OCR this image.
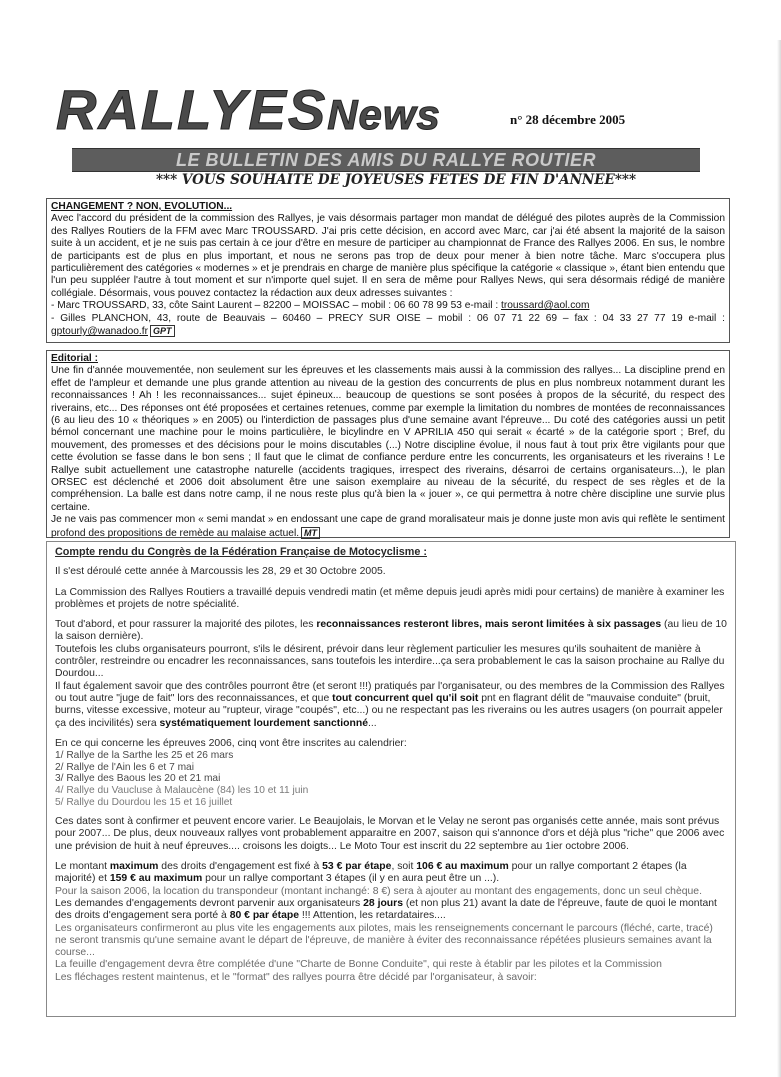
RALLYESNews	n° 28 décembre 2005
LE BULLETIN DES AMIS DU RALLYE ROUTIER
*** VOUS SOUHAITE DE JOYEUSES FETES DE FIN D'ANNEE***

CHANGEMENT ? NON, EVOLUTION...

Avec l'accord du président de la commission des Rallyes, je vais désormais partager mon mandat de délégué des pilotes auprès de la Commission des Rallyes Routiers de la FFM avec Marc TROUSSARD. J'ai pris cette décision, en accord avec Marc, car j'ai été absent la majorité de la saison suite à un accident, et je ne suis pas certain à ce jour d'être en mesure de participer au championnat de France des Rallyes 2006. En sus, le nombre de participants est de plus en plus important, et nous ne serons pas trop de deux pour mener à bien notre tâche. Marc s'occupera plus particulièrement des catégories « modernes » et je prendrais en charge de manière plus spécifique la catégorie « classique », étant bien entendu que l'un peu suppléer l'autre à tout moment et sur n'importe quel sujet. Il en sera de même pour Rallyes News, qui sera désormais rédigé de manière collégiale. Désormais, vous pouvez contactez la rédaction aux deux adresses suivantes :

- Marc TROUSSARD, 33, côte Saint Laurent – 82200 – MOISSAC – mobil : 06 60 78 99 53 e-mail : troussard@aol.com

- Gilles PLANCHON, 43, route de Beauvais – 60460 – PRECY SUR OISE – mobil : 06 07 71 22 69 – fax : 04 33 27 77 19 e-mail : gptourly@wanadoo.fr GPT

Editorial :

Une fin d'année mouvementée, non seulement sur les épreuves et les classements mais aussi à la commission des rallyes... La discipline prend en effet de l'ampleur et demande une plus grande attention au niveau de la gestion des concurrents de plus en plus nombreux notamment durant les reconnaissances ! Ah ! les reconnaissances... sujet épineux... beaucoup de questions se sont posées à propos de la sécurité, du respect des riverains, etc... Des réponses ont été proposées et certaines retenues, comme par exemple la limitation du nombres de montées de reconnaissances (6 au lieu des 10 « théoriques » en 2005) ou l'interdiction de passages plus d'une semaine avant l'épreuve... Du coté des catégories aussi un petit bémol concernant une machine pour le moins particulière, le bicylindre en V APRILIA 450 qui serait « écarté » de la catégorie sport ; Bref, du mouvement, des promesses et des décisions pour le moins discutables (...) Notre discipline évolue, il nous faut à tout prix être vigilants pour que cette évolution se fasse dans le bon sens ; Il faut que le climat de confiance perdure entre les concurrents, les organisateurs et les riverains ! Le Rallye subit actuellement une catastrophe naturelle (accidents tragiques, irrespect des riverains, désarroi de certains organisateurs...), le plan ORSEC est déclenché et 2006 doit absolument être une saison exemplaire au niveau de la sécurité, du respect de ses règles et de la compréhension. La balle est dans notre camp, il ne nous reste plus qu'à bien la « jouer », ce qui permettra à notre chère discipline une survie plus certaine.

Je ne vais pas commencer mon « semi mandat » en endossant une cape de grand moralisateur mais je donne juste mon avis qui reflète le sentiment profond des propositions de remède au malaise actuel. MT

Compte rendu du Congrès de la Fédération Française de Motocyclisme :

Il s'est déroulé cette année à Marcoussis les 28, 29 et 30 Octobre 2005.

La Commission des Rallyes Routiers a travaillé depuis vendredi matin (et même depuis jeudi après midi pour certains) de manière à examiner les problèmes et projets de notre spécialité.

Tout d'abord, et pour rassurer la majorité des pilotes, les reconnaissances resteront libres, mais seront limitées à six passages (au lieu de 10 la saison dernière).

Toutefois les clubs organisateurs pourront, s'ils le désirent, prévoir dans leur règlement particulier les mesures qu'ils souhaitent de manière à contrôler, restreindre ou encadrer les reconnaissances, sans toutefois les interdire...ça sera probablement le cas la saison prochaine au Rallye du Dourdou...

Il faut également savoir que des contrôles pourront être (et seront !!!) pratiqués par l'organisateur, ou des membres de la Commission des Rallyes ou tout autre "juge de fait" lors des reconnaissances, et que tout concurrent quel qu'il soit pnt en flagrant délit de "mauvaise conduite" (bruit, burns, vitesse excessive, moteur au "rupteur, virage "coupés", etc...) ou ne respectant pas les riverains ou les autres usagers (on pourrait appeler ça des incivilités) sera systématiquement lourdement sanctionné...

En ce qui concerne les épreuves 2006, cinq vont être inscrites au calendrier:

1/ Rallye de la Sarthe les 25 et 26 mars
2/ Rallye de l'Ain les 6 et 7 mai
3/ Rallye des Baous les 20 et 21 mai
4/ Rallye du Vaucluse à Malaucène (84) les 10 et 11 juin
5/ Rallye du Dourdou les 15 et 16 juillet

Ces dates sont à confirmer et peuvent encore varier. Le Beaujolais, le Morvan et le Velay ne seront pas organisés cette année, mais sont prévus pour 2007... De plus, deux nouveaux rallyes vont probablement apparaitre en 2007, saison qui s'annonce d'ors et déjà plus "riche" que 2006 avec une prévision de huit à neuf épreuves.... croisons les doigts... Le Moto Tour est inscrit du 22 septembre au 1ier octobre 2006.

Le montant maximum des droits d'engagement est fixé à 53 € par étape, soit 106 € au maximum pour un rallye comportant 2 étapes (la majorité) et 159 € au maximum pour un rallye comportant 3 étapes (il y en aura peut être un ...).

Pour la saison 2006, la location du transpondeur (montant inchangé: 8 €) sera à ajouter au montant des engagements, donc un seul chèque.

Les demandes d'engagements devront parvenir aux organisateurs 28 jours (et non plus 21) avant la date de l'épreuve, faute de quoi le montant des droits d'engagement sera porté à 80 € par étape !!! Attention, les retardataires....

Les organisateurs confirmeront au plus vite les engagements aux pilotes, mais les renseignements concernant le parcours (fléché, carte, tracé) ne seront transmis qu'une semaine avant le départ de l'épreuve, de manière à éviter des reconnaissance répétées plusieurs semaines avant la course...

La feuille d'engagement devra être complétée d'une "Charte de Bonne Conduite", qui reste à établir par les pilotes et la Commission

Les fléchages restent maintenus, et le "format" des rallyes pourra être décidé par l'organisateur, à savoir:
